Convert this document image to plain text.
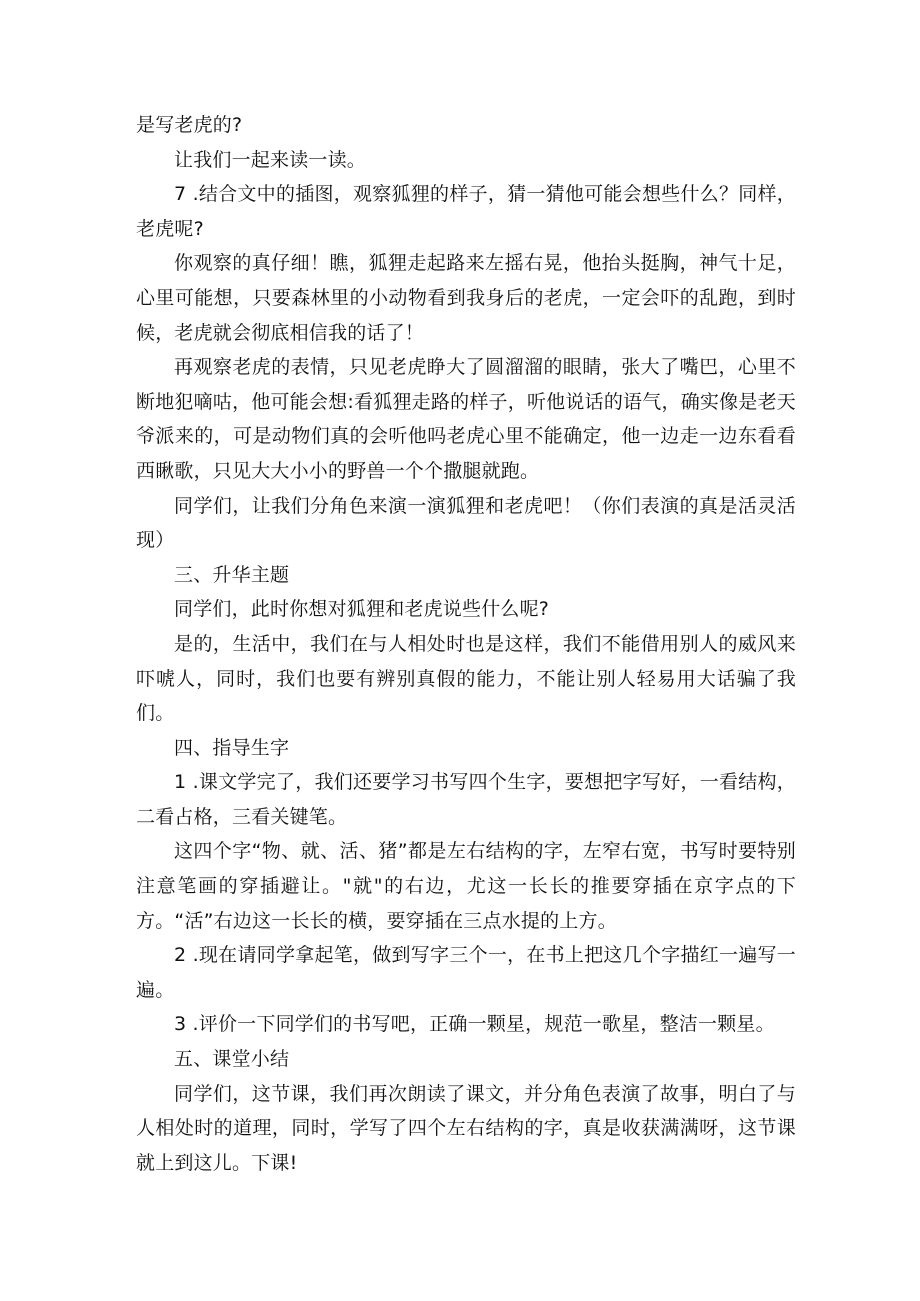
是写老虎的?

让我们一起来读一读。

7 .结合文中的插图，观察狐狸的样子，猜一猜他可能会想些什么？同样，老虎呢?

你观察的真仔细！瞧，狐狸走起路来左摇右晃，他抬头挺胸，神气十足，心里可能想，只要森林里的小动物看到我身后的老虎，一定会吓的乱跑，到时候，老虎就会彻底相信我的话了！

再观察老虎的表情，只见老虎睁大了圆溜溜的眼睛，张大了嘴巴，心里不断地犯嘀咕，他可能会想:看狐狸走路的样子，听他说话的语气，确实像是老天爷派来的，可是动物们真的会听他吗老虎心里不能确定，他一边走一边东看看西瞅歌，只见大大小小的野兽一个个撒腿就跑。

同学们，让我们分角色来演一演狐狸和老虎吧！（你们表演的真是活灵活现）

三、升华主题

同学们，此时你想对狐狸和老虎说些什么呢?

是的，生活中，我们在与人相处时也是这样，我们不能借用别人的威风来吓唬人，同时，我们也要有辨别真假的能力，不能让别人轻易用大话骗了我们。

四、指导生字

1 .课文学完了，我们还要学习书写四个生字，要想把字写好，一看结构，二看占格，三看关键笔。

这四个字“物、就、活、猪”都是左右结构的字，左窄右宽，书写时要特别注意笔画的穿插避让。"就"的右边，尤这一长长的推要穿插在京字点的下方。“活”右边这一长长的横，要穿插在三点水提的上方。

2 .现在请同学拿起笔，做到写字三个一，在书上把这几个字描红一遍写一遍。

3 .评价一下同学们的书写吧，正确一颗星，规范一歌星，整洁一颗星。

五、课堂小结

同学们，这节课，我们再次朗读了课文，并分角色表演了故事，明白了与人相处时的道理，同时，学写了四个左右结构的字，真是收获满满呀，这节课就上到这儿。下课!
